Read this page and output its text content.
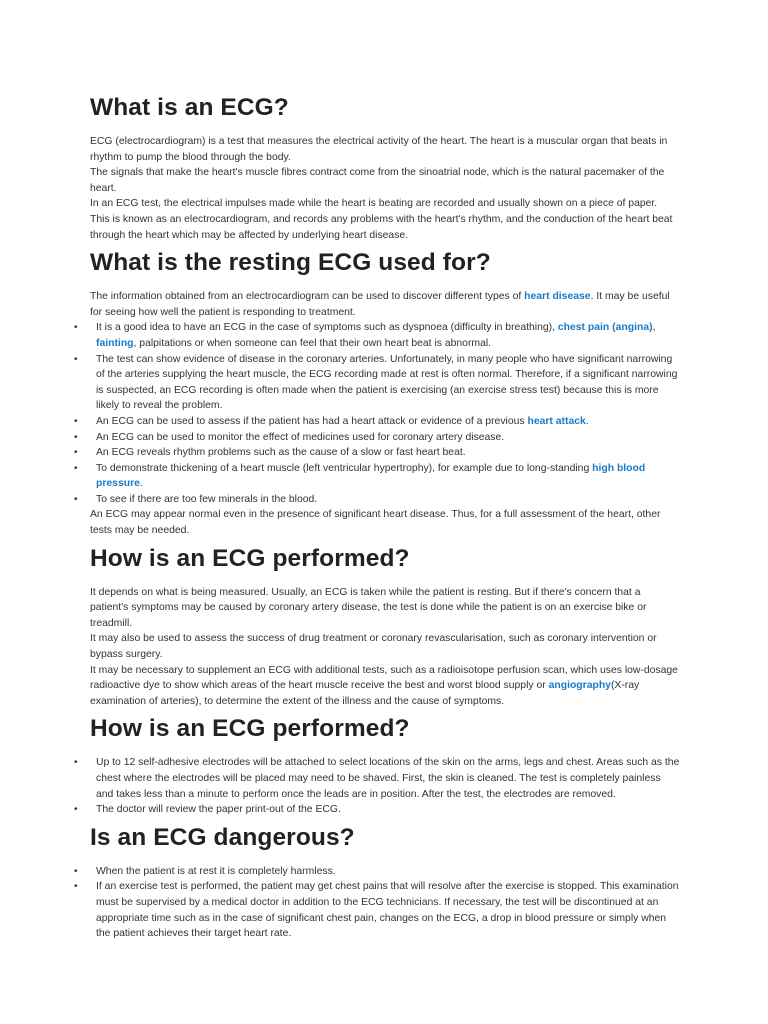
What is an ECG?

ECG (electrocardiogram) is a test that measures the electrical activity of the heart. The heart is a muscular organ that beats in rhythm to pump the blood through the body.

The signals that make the heart's muscle fibres contract come from the sinoatrial node, which is the natural pacemaker of the heart.

In an ECG test, the electrical impulses made while the heart is beating are recorded and usually shown on a piece of paper.

This is known as an electrocardiogram, and records any problems with the heart's rhythm, and the conduction of the heart beat through the heart which may be affected by underlying heart disease.

What is the resting ECG used for?

The information obtained from an electrocardiogram can be used to discover different types of heart disease. It may be useful for seeing how well the patient is responding to treatment.

• It is a good idea to have an ECG in the case of symptoms such as dyspnoea (difficulty in breathing), chest pain (angina), fainting, palpitations or when someone can feel that their own heart beat is abnormal.
• The test can show evidence of disease in the coronary arteries. Unfortunately, in many people who have significant narrowing of the arteries supplying the heart muscle, the ECG recording made at rest is often normal. Therefore, if a significant narrowing is suspected, an ECG recording is often made when the patient is exercising (an exercise stress test) because this is more likely to reveal the problem.
• An ECG can be used to assess if the patient has had a heart attack or evidence of a previous heart attack.
• An ECG can be used to monitor the effect of medicines used for coronary artery disease.
• An ECG reveals rhythm problems such as the cause of a slow or fast heart beat.
• To demonstrate thickening of a heart muscle (left ventricular hypertrophy), for example due to long-standing high blood pressure.
• To see if there are too few minerals in the blood.

An ECG may appear normal even in the presence of significant heart disease. Thus, for a full assessment of the heart, other tests may be needed.

How is an ECG performed?

It depends on what is being measured. Usually, an ECG is taken while the patient is resting. But if there's concern that a patient's symptoms may be caused by coronary artery disease, the test is done while the patient is on an exercise bike or treadmill.

It may also be used to assess the success of drug treatment or coronary revascularisation, such as coronary intervention or bypass surgery.

It may be necessary to supplement an ECG with additional tests, such as a radioisotope perfusion scan, which uses low-dosage radioactive dye to show which areas of the heart muscle receive the best and worst blood supply or angiography(X-ray examination of arteries), to determine the extent of the illness and the cause of symptoms.

How is an ECG performed?
• Up to 12 self-adhesive electrodes will be attached to select locations of the skin on the arms, legs and chest. Areas such as the chest where the electrodes will be placed may need to be shaved. First, the skin is cleaned. The test is completely painless and takes less than a minute to perform once the leads are in position. After the test, the electrodes are removed.
• The doctor will review the paper print-out of the ECG.
Is an ECG dangerous?
• When the patient is at rest it is completely harmless.
• If an exercise test is performed, the patient may get chest pains that will resolve after the exercise is stopped. This examination must be supervised by a medical doctor in addition to the ECG technicians. If necessary, the test will be discontinued at an appropriate time such as in the case of significant chest pain, changes on the ECG, a drop in blood pressure or simply when the patient achieves their target heart rate.
